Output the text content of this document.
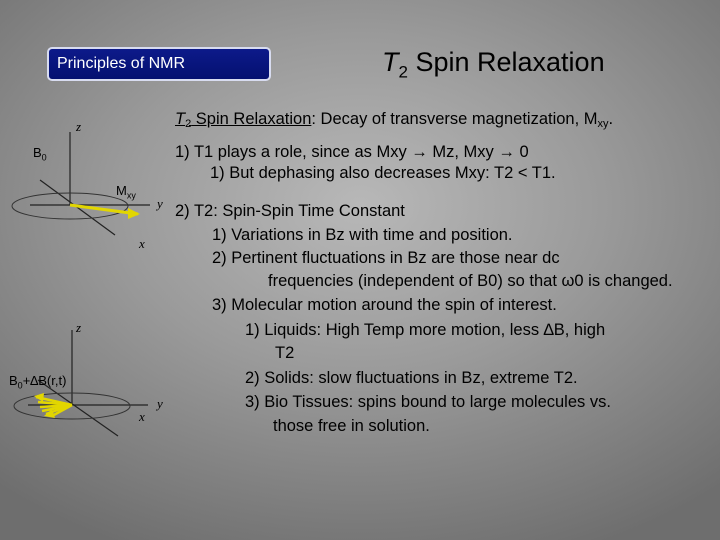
Principles of NMR	$T_2$ Spin Relaxation
z
$B_0$
$M_{xy}$
y
x
z
$B_0+\Delta B(r,t)$
y
x
$T_2$ Spin Relaxation: Decay of transverse magnetization, $M_{xy}$.
1) T1 plays a role, since as Mxy → Mz, Mxy → 0
1) But dephasing also decreases Mxy: T2 < T1.
2) T2: Spin-Spin Time Constant
1) Variations in Bz with time and position.
2) Pertinent fluctuations in Bz are those near dc
frequencies (independent of B0) so that ω0 is changed.
3) Molecular motion around the spin of interest.
1) Liquids: High Temp more motion, less ∆B, high
T2
2) Solids: slow fluctuations in Bz, extreme T2.
3) Bio Tissues: spins bound to large molecules vs.
those free in solution.
